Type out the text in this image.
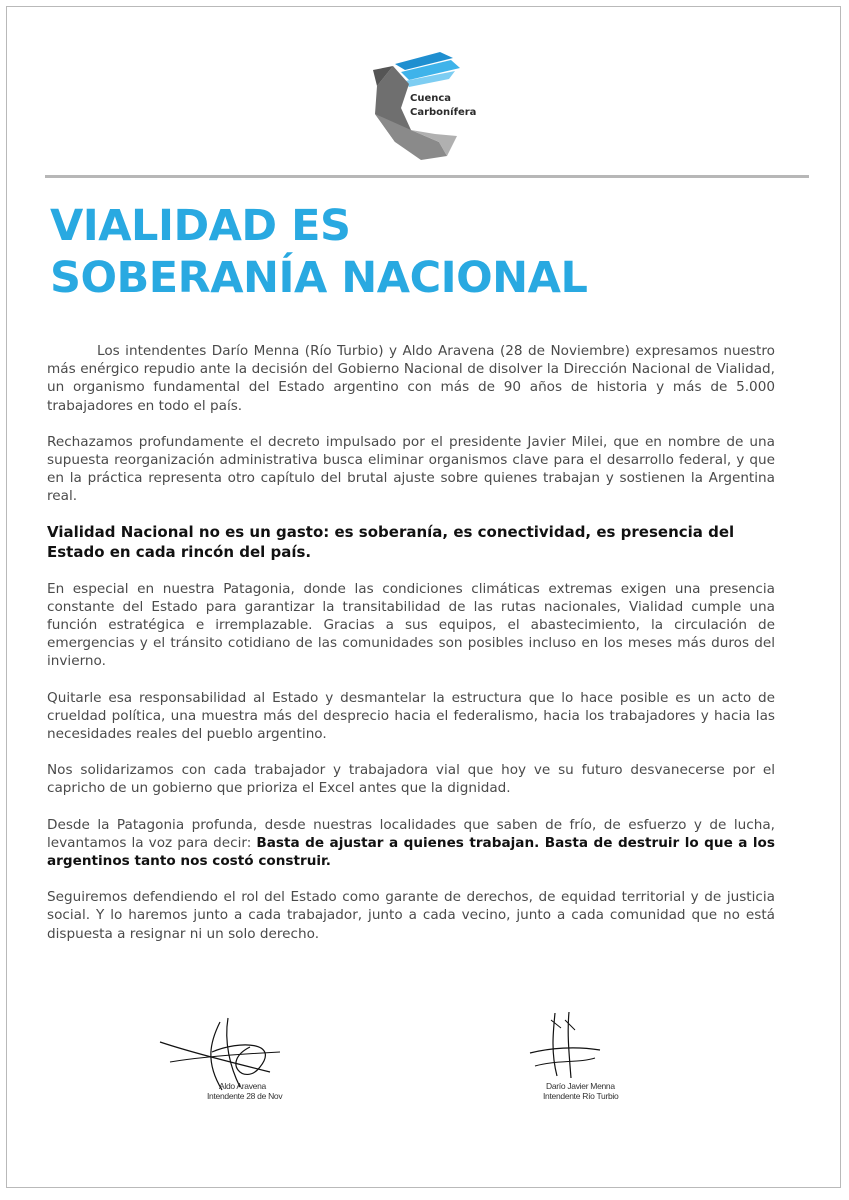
Cuenca
Carbonífera
VIALIDAD ES
SOBERANÍA NACIONAL

Los intendentes Darío Menna (Río Turbio) y Aldo Aravena (28 de Noviembre) expresamos nuestro más enérgico repudio ante la decisión del Gobierno Nacional de disolver la Dirección Nacional de Vialidad, un organismo fundamental del Estado argentino con más de 90 años de historia y más de 5.000 trabajadores en todo el país.

Rechazamos profundamente el decreto impulsado por el presidente Javier Milei, que en nombre de una supuesta reorganización administrativa busca eliminar organismos clave para el desarrollo federal, y que en la práctica representa otro capítulo del brutal ajuste sobre quienes trabajan y sostienen la Argentina real.

Vialidad Nacional no es un gasto: es soberanía, es conectividad, es presencia del Estado en cada rincón del país.

En especial en nuestra Patagonia, donde las condiciones climáticas extremas exigen una presencia constante del Estado para garantizar la transitabilidad de las rutas nacionales, Vialidad cumple una función estratégica e irremplazable. Gracias a sus equipos, el abastecimiento, la circulación de emergencias y el tránsito cotidiano de las comunidades son posibles incluso en los meses más duros del invierno.

Quitarle esa responsabilidad al Estado y desmantelar la estructura que lo hace posible es un acto de crueldad política, una muestra más del desprecio hacia el federalismo, hacia los trabajadores y hacia las necesidades reales del pueblo argentino.

Nos solidarizamos con cada trabajador y trabajadora vial que hoy ve su futuro desvanecerse por el capricho de un gobierno que prioriza el Excel antes que la dignidad.

Desde la Patagonia profunda, desde nuestras localidades que saben de frío, de esfuerzo y de lucha, levantamos la voz para decir: Basta de ajustar a quienes trabajan. Basta de destruir lo que a los argentinos tanto nos costó construir.

Seguiremos defendiendo el rol del Estado como garante de derechos, de equidad territorial y de justicia social. Y lo haremos junto a cada trabajador, junto a cada vecino, junto a cada comunidad que no está dispuesta a resignar ni un solo derecho.

Aldo Aravena
Intendente 28 de Nov
Darío Javier Menna
Intendente Río Turbio
